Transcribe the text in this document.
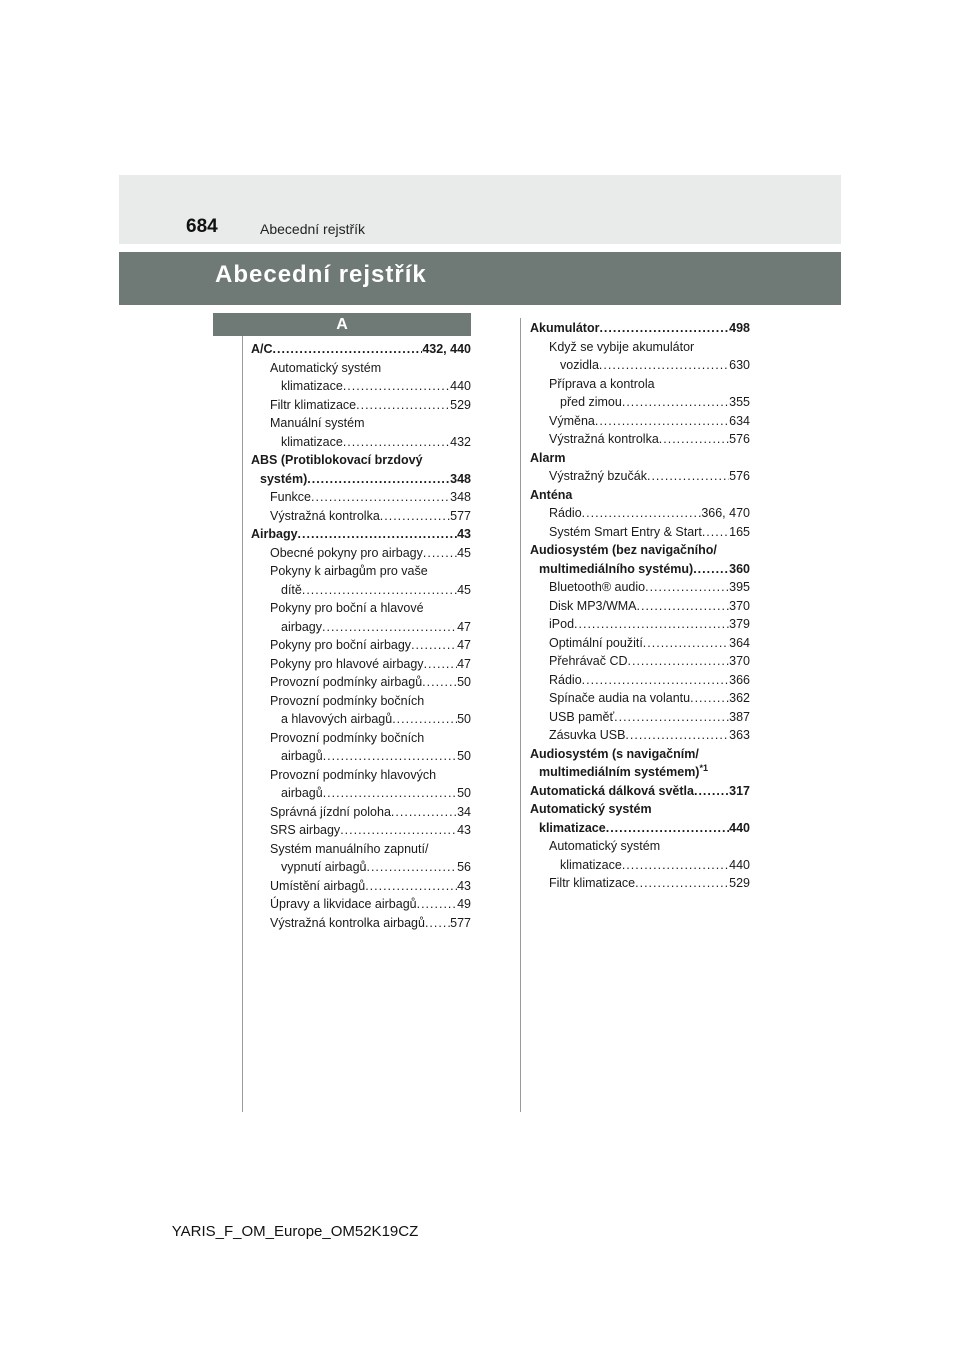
684	Abecední rejstřík
Abecední rejstřík
A
A/C .....	432, 440
Automatický systém
klimatizace .....	440
Filtr klimatizace .....	529
Manuální systém
klimatizace .....	432
ABS (Protiblokovací brzdový
systém) .....	348
Funkce .....	348
Výstražná kontrolka .....	577
Airbagy .....	43
Obecné pokyny pro airbagy .....	45
Pokyny k airbagům pro vaše
dítě .....	45
Pokyny pro boční a hlavové
airbagy .....	47
Pokyny pro boční airbagy .....	47
Pokyny pro hlavové airbagy .....	47
Provozní podmínky airbagů .....	50
Provozní podmínky bočních
a hlavových airbagů .....	50
Provozní podmínky bočních
airbagů .....	50
Provozní podmínky hlavových
airbagů .....	50
Správná jízdní poloha .....	34
SRS airbagy .....	43
Systém manuálního zapnutí/
vypnutí airbagů .....	56
Umístění airbagů .....	43
Úpravy a likvidace airbagů .....	49
Výstražná kontrolka airbagů ..... 577
Akumulátor .....	498
Když se vybije akumulátor
vozidla .....	630
Příprava a kontrola
před zimou .....	355
Výměna .....	634
Výstražná kontrolka .....	576
Alarm
Výstražný bzučák .....	576
Anténa
Rádio .....	366, 470
Systém Smart Entry & Start ..... 165
Audiosystém (bez navigačního/
multimediálního systému) .....	360
Bluetooth® audio .....	395
Disk MP3/WMA .....	370
iPod .....	379
Optimální použití .....	364
Přehrávač CD .....	370
Rádio .....	366
Spínače audia na volantu .....	362
USB paměť .....	387
Zásuvka USB .....	363
Audiosystém (s navigačním/
multimediálním systémem)$^{*1}$
Automatická dálková světla .....	317
Automatický systém
klimatizace .....	440
Automatický systém
klimatizace .....	440
Filtr klimatizace .....	529
YARIS_F_OM_Europe_OM52K19CZ
